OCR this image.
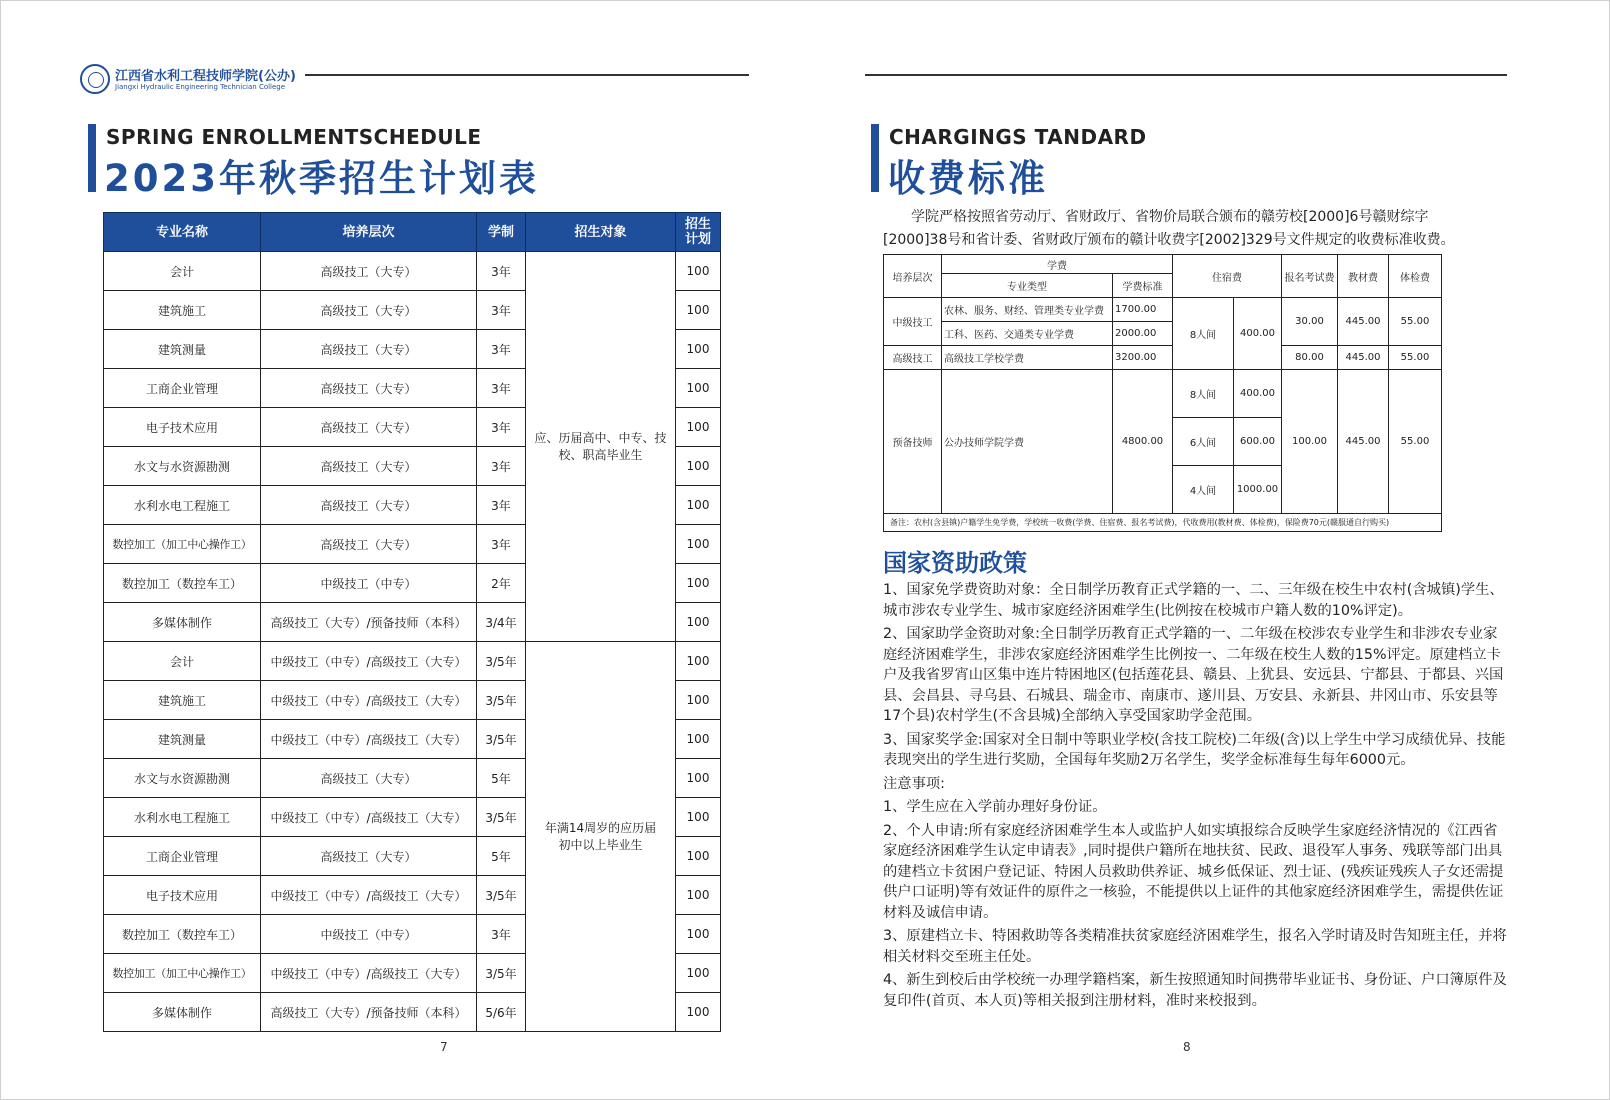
江西省水利工程技师学院(公办)
Jiangxi Hydraulic Engineering Technician College
SPRING ENROLLMENTSCHEDULE
2023年秋季招生计划表
专业名称	培养层次	学制	招生对象	招生计划
会计	高级技工（大专）	3年	应、历届高中、中专、技校、职高毕业生	100
建筑施工	高级技工（大专）	3年		100
建筑测量	高级技工（大专）	3年		100
工商企业管理	高级技工（大专）	3年		100
电子技术应用	高级技工（大专）	3年		100
水文与水资源勘测	高级技工（大专）	3年		100
水利水电工程施工	高级技工（大专）	3年		100
数控加工（加工中心操作工）	高级技工（大专）	3年		100
数控加工（数控车工）	中级技工（中专）	2年		100
多媒体制作	高级技工（大专）/预备技师（本科）	3/4年		100
会计	中级技工（中专）/高级技工（大专）	3/5年	年满14周岁的应历届初中以上毕业生	100
建筑施工	中级技工（中专）/高级技工（大专）	3/5年		100
建筑测量	中级技工（中专）/高级技工（大专）	3/5年		100
水文与水资源勘测	高级技工（大专）	5年		100
水利水电工程施工	中级技工（中专）/高级技工（大专）	3/5年		100
工商企业管理	高级技工（大专）	5年		100
电子技术应用	中级技工（中专）/高级技工（大专）	3/5年		100
数控加工（数控车工）	中级技工（中专）	3年		100
数控加工（加工中心操作工）	中级技工（中专）/高级技工（大专）	3/5年		100
多媒体制作	高级技工（大专）/预备技师（本科）	5/6年		100
7
CHARGINGS TANDARD
收费标准
学院严格按照省劳动厅、省财政厅、省物价局联合颁布的赣劳校[2000]6号赣财综字[2000]38号和省计委、省财政厅颁布的赣计收费字[2002]329号文件规定的收费标准收费。
培养层次	学费		住宿费		报名考试费	教材费	体检费
	专业类型	学费标准					
中级技工	农林、服务、财经、管理类专业学费	1700.00	8人间	400.00	30.00	445.00	55.00
	工科、医药、交通类专业学费	2000.00					
高级技工	高级技工学校学费	3200.00			80.00	445.00	55.00
预备技师	公办技师学院学费	4800.00	8人间	400.00	100.00	445.00	55.00
			6人间	600.00			
			4人间	1000.00			
备注：农村(含县镇)户籍学生免学费，学校统一收费(学费、住宿费、报名考试费)，代收费用(教材费、体检费)，保险费70元(赣服通自行购买)							
国家资助政策

1、国家免学费资助对象：全日制学历教育正式学籍的一、二、三年级在校生中农村(含城镇)学生、城市涉农专业学生、城市家庭经济困难学生(比例按在校城市户籍人数的10%评定)。

2、国家助学金资助对象:全日制学历教育正式学籍的一、二年级在校涉农专业学生和非涉农专业家庭经济困难学生，非涉农家庭经济困难学生比例按一、二年级在校生人数的15%评定。原建档立卡户及我省罗宵山区集中连片特困地区(包括莲花县、赣县、上犹县、安远县、宁都县、于都县、兴国县、会昌县、寻乌县、石城县、瑞金市、南康市、遂川县、万安县、永新县、井冈山市、乐安县等17个县)农村学生(不含县城)全部纳入享受国家助学金范围。

3、国家奖学金:国家对全日制中等职业学校(含技工院校)二年级(含)以上学生中学习成绩优异、技能表现突出的学生进行奖励，全国每年奖励2万名学生，奖学金标准每生每年6000元。

注意事项:

1、学生应在入学前办理好身份证。

2、个人申请:所有家庭经济困难学生本人或监护人如实填报综合反映学生家庭经济情况的《江西省家庭经济困难学生认定申请表》,同时提供户籍所在地扶贫、民政、退役军人事务、残联等部门出具的建档立卡贫困户登记证、特困人员救助供养证、城乡低保证、烈士证、(残疾证残疾人子女还需提供户口证明)等有效证件的原件之一核验，不能提供以上证件的其他家庭经济困难学生，需提供佐证材料及诚信申请。

3、原建档立卡、特困救助等各类精准扶贫家庭经济困难学生，报名入学时请及时告知班主任，并将相关材料交至班主任处。

4、新生到校后由学校统一办理学籍档案，新生按照通知时间携带毕业证书、身份证、户口簿原件及复印件(首页、本人页)等相关报到注册材料，准时来校报到。

8
